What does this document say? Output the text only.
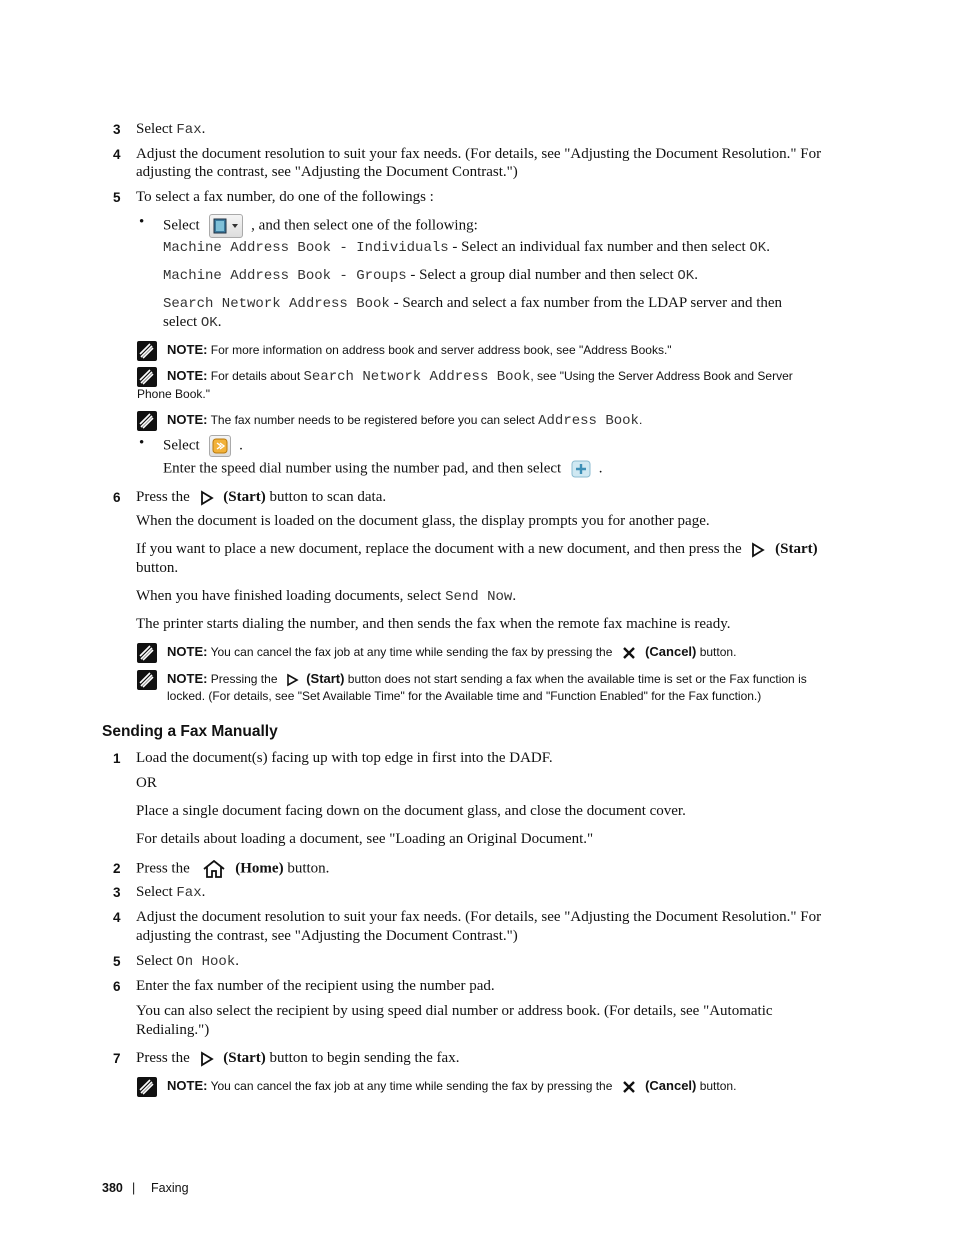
3 Select Fax.
4 Adjust the document resolution to suit your fax needs. (For details, see "Adjusting the Document Resolution." For
adjusting the contrast, see "Adjusting the Document Contrast.")
5 To select a fax number, do one of the followings :
• Select	, and then select one of the following:
Machine Address Book - Individuals - Select an individual fax number and then select OK.
Machine Address Book - Groups - Select a group dial number and then select OK.
Search Network Address Book - Search and select a fax number from the LDAP server and then
select OK.
NOTE: For more information on address book and server address book, see "Address Books."
NOTE: For details about Search Network Address Book, see "Using the Server Address Book and Server
Phone Book."
NOTE: The fax number needs to be registered before you can select Address Book.
• Select	.
Enter the speed dial number using the number pad, and then select	.
6 Press the (Start) button to scan data.
When the document is loaded on the document glass, the display prompts you for another page.
If you want to place a new document, replace the document with a new document, and then press the (Start)
button.
When you have finished loading documents, select Send Now.
The printer starts dialing the number, and then sends the fax when the remote fax machine is ready.
NOTE: You can cancel the fax job at any time while sending the fax by pressing the	(Cancel) button.
NOTE: Pressing the (Start) button does not start sending a fax when the available time is set or the Fax function is
locked. (For details, see "Set Available Time" for the Available time and "Function Enabled" for the Fax function.)
Sending a Fax Manually
1 Load the document(s) facing up with top edge in first into the DADF.
OR
Place a single document facing down on the document glass, and close the document cover.
For details about loading a document, see "Loading an Original Document."
2 Press the	(Home) button.
3 Select Fax.
4 Adjust the document resolution to suit your fax needs. (For details, see "Adjusting the Document Resolution." For
adjusting the contrast, see "Adjusting the Document Contrast.")
5 Select On Hook.
6 Enter the fax number of the recipient using the number pad.
You can also select the recipient by using speed dial number or address book. (For details, see "Automatic
Redialing.")
7 Press the (Start) button to begin sending the fax.
NOTE: You can cancel the fax job at any time while sending the fax by pressing the	(Cancel) button.
380 | Faxing
